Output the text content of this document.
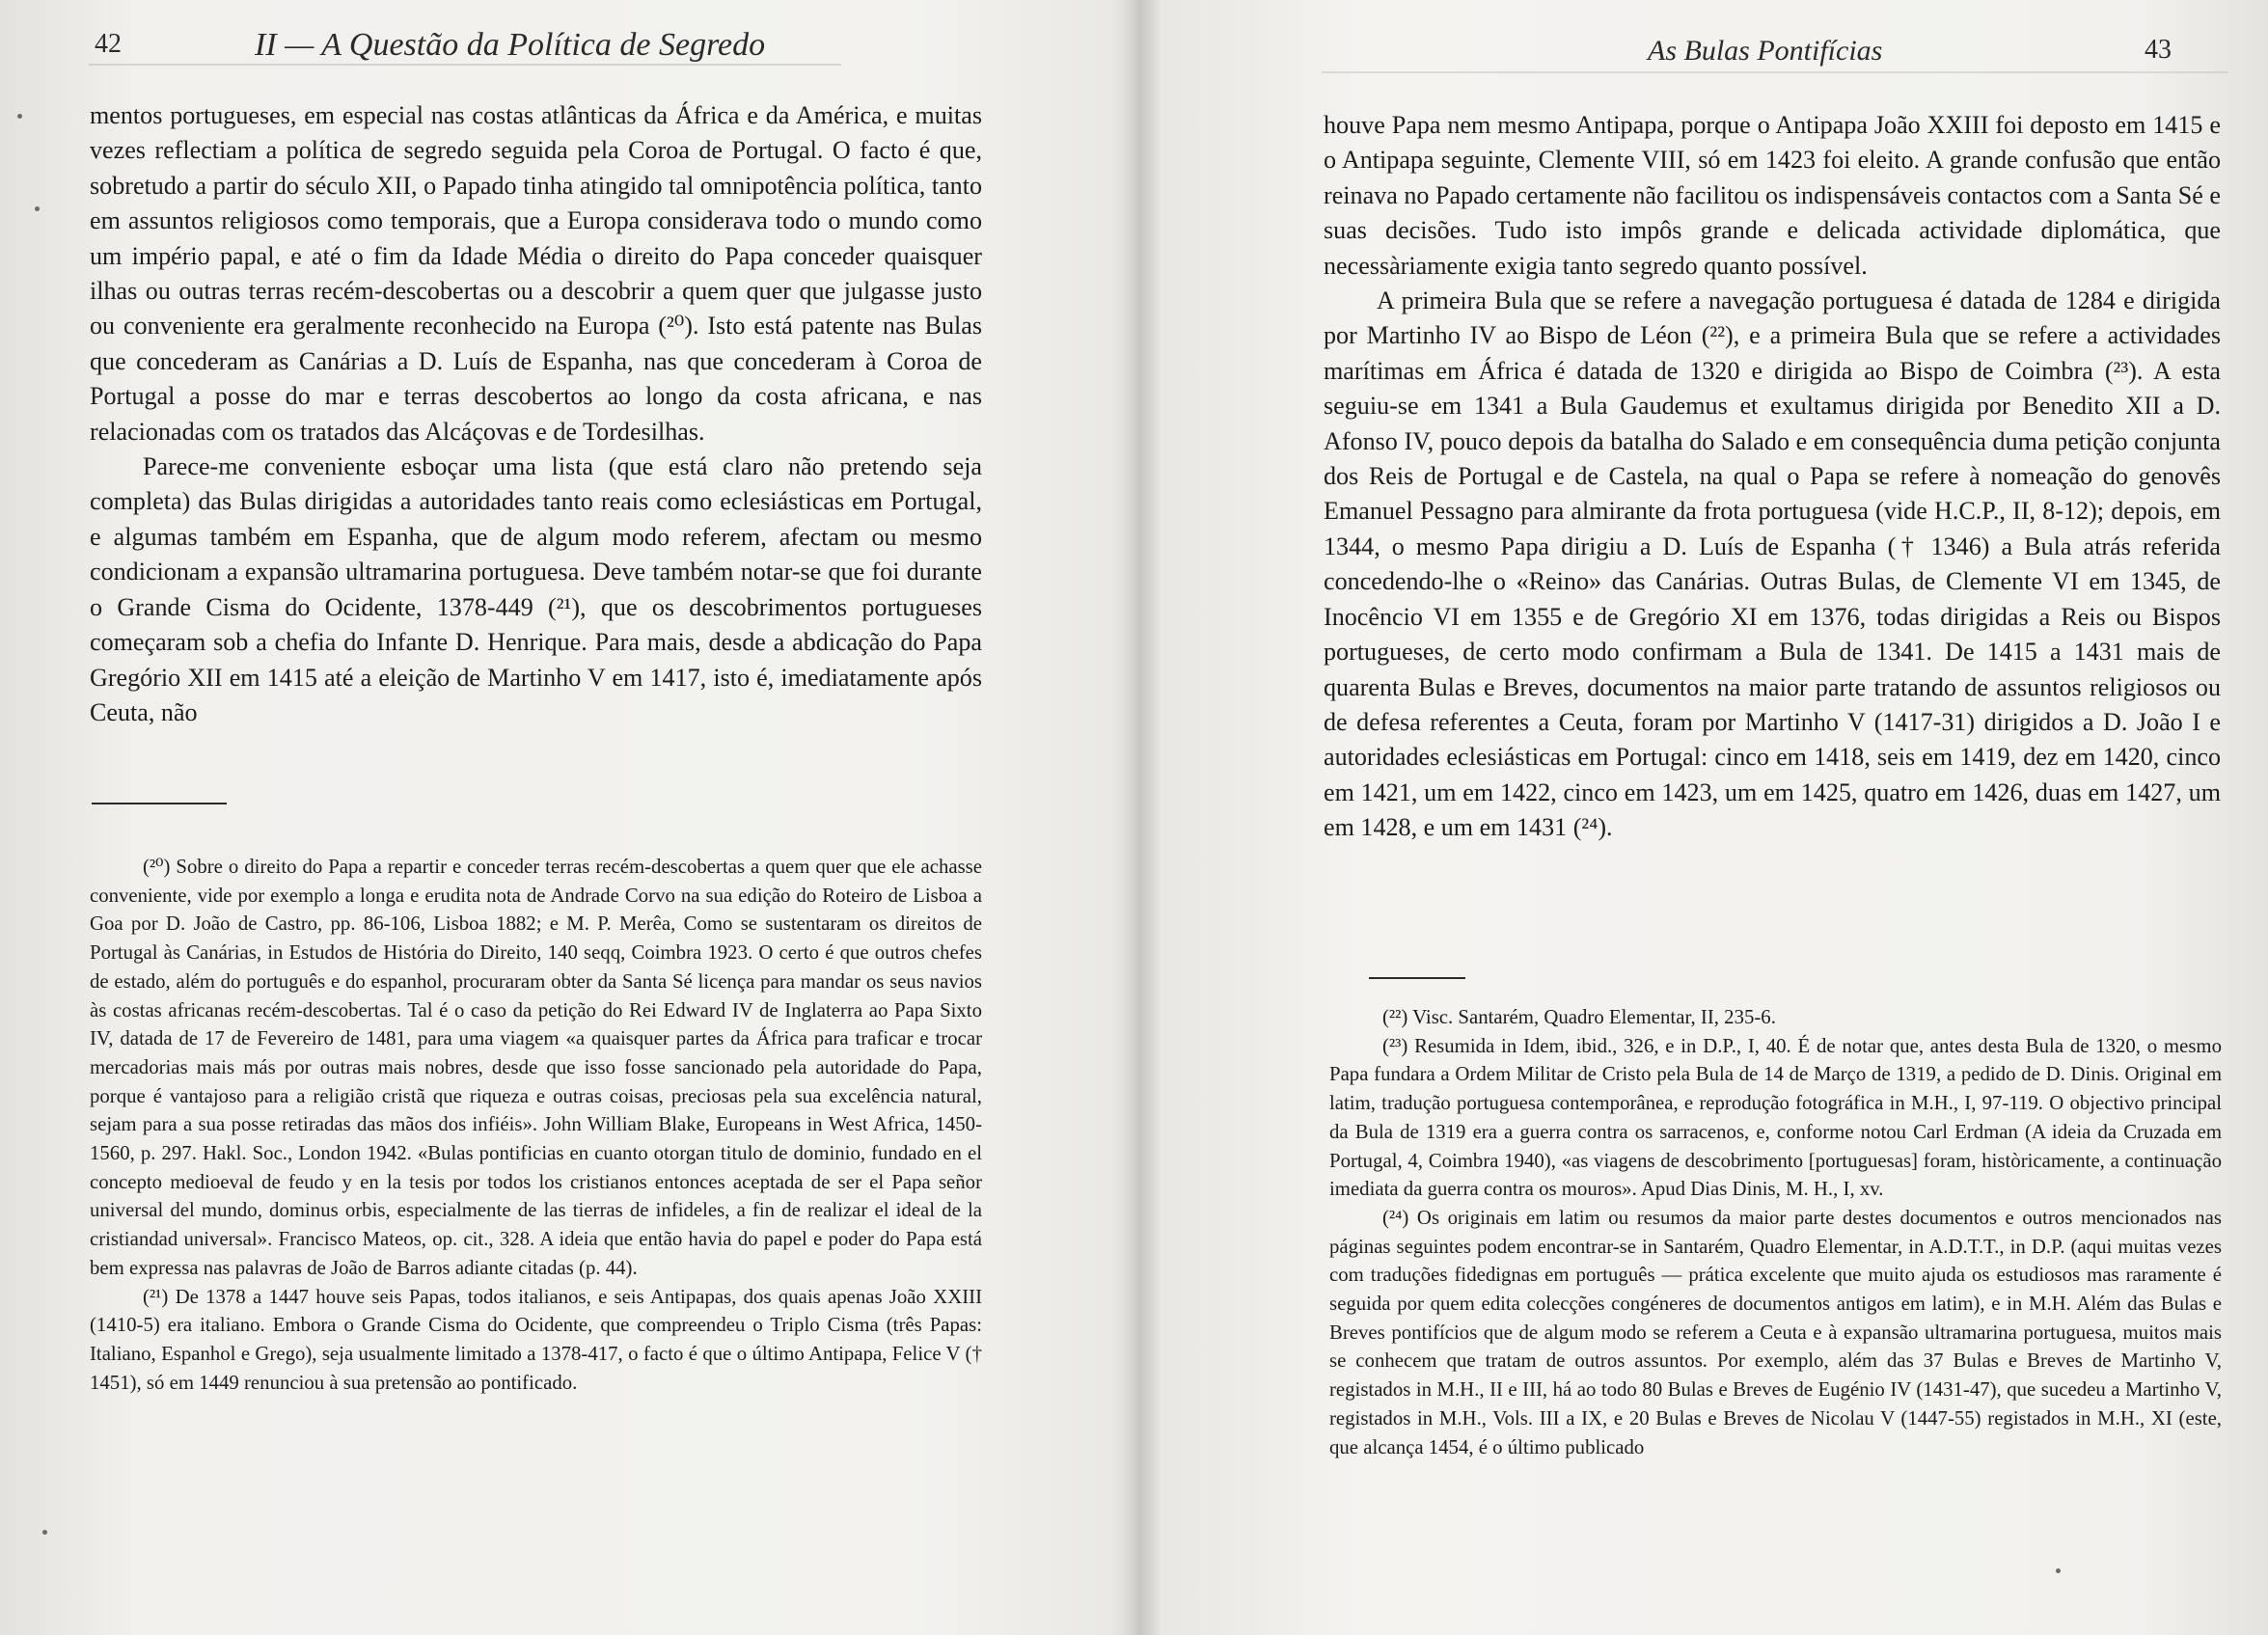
42	II — A Questão da Política de Segredo

mentos portugueses, em especial nas costas atlânticas da África e da América, e muitas vezes reflectiam a política de segredo seguida pela Coroa de Portugal. O facto é que, sobretudo a partir do século XII, o Papado tinha atingido tal omnipotência política, tanto em assuntos religiosos como temporais, que a Europa considerava todo o mundo como um império papal, e até o fim da Idade Média o direito do Papa conceder quaisquer ilhas ou outras terras recém-descobertas ou a descobrir a quem quer que julgasse justo ou conveniente era geralmente reconhecido na Europa (²⁰). Isto está patente nas Bulas que concederam as Canárias a D. Luís de Espanha, nas que concederam à Coroa de Portugal a posse do mar e terras descobertos ao longo da costa africana, e nas relacionadas com os tratados das Alcáçovas e de Tordesilhas.

Parece-me conveniente esboçar uma lista (que está claro não pretendo seja completa) das Bulas dirigidas a autoridades tanto reais como eclesiásticas em Portugal, e algumas também em Espanha, que de algum modo referem, afectam ou mesmo condicionam a expansão ultramarina portuguesa. Deve também notar-se que foi durante o Grande Cisma do Ocidente, 1378-449 (²¹), que os descobrimentos portugueses começaram sob a chefia do Infante D. Henrique. Para mais, desde a abdicação do Papa Gregório XII em 1415 até a eleição de Martinho V em 1417, isto é, imediatamente após Ceuta, não

(²⁰) Sobre o direito do Papa a repartir e conceder terras recém-descobertas a quem quer que ele achasse conveniente, vide por exemplo a longa e erudita nota de Andrade Corvo na sua edição do Roteiro de Lisboa a Goa por D. João de Castro, pp. 86-106, Lisboa 1882; e M. P. Merêa, Como se sustentaram os direitos de Portugal às Canárias, in Estudos de História do Direito, 140 seqq, Coimbra 1923. O certo é que outros chefes de estado, além do português e do espanhol, procuraram obter da Santa Sé licença para mandar os seus navios às costas africanas recém-descobertas. Tal é o caso da petição do Rei Edward IV de Inglaterra ao Papa Sixto IV, datada de 17 de Fevereiro de 1481, para uma viagem «a quaisquer partes da África para traficar e trocar mercadorias mais más por outras mais nobres, desde que isso fosse sancionado pela autoridade do Papa, porque é vantajoso para a religião cristã que riqueza e outras coisas, preciosas pela sua excelência natural, sejam para a sua posse retiradas das mãos dos infiéis». John William Blake, Europeans in West Africa, 1450-1560, p. 297. Hakl. Soc., London 1942. «Bulas pontificias en cuanto otorgan titulo de dominio, fundado en el concepto medioeval de feudo y en la tesis por todos los cristianos entonces aceptada de ser el Papa señor universal del mundo, dominus orbis, especialmente de las tierras de infideles, a fin de realizar el ideal de la cristiandad universal». Francisco Mateos, op. cit., 328. A ideia que então havia do papel e poder do Papa está bem expressa nas palavras de João de Barros adiante citadas (p. 44).

(²¹) De 1378 a 1447 houve seis Papas, todos italianos, e seis Antipapas, dos quais apenas João XXIII (1410-5) era italiano. Embora o Grande Cisma do Ocidente, que compreendeu o Triplo Cisma (três Papas: Italiano, Espanhol e Grego), seja usualmente limitado a 1378-417, o facto é que o último Antipapa, Felice V († 1451), só em 1449 renunciou à sua pretensão ao pontificado.

As Bulas Pontifícias	43

houve Papa nem mesmo Antipapa, porque o Antipapa João XXIII foi deposto em 1415 e o Antipapa seguinte, Clemente VIII, só em 1423 foi eleito. A grande confusão que então reinava no Papado certamente não facilitou os indispensáveis contactos com a Santa Sé e suas decisões. Tudo isto impôs grande e delicada actividade diplomática, que necessàriamente exigia tanto segredo quanto possível.

A primeira Bula que se refere a navegação portuguesa é datada de 1284 e dirigida por Martinho IV ao Bispo de Léon (²²), e a primeira Bula que se refere a actividades marítimas em África é datada de 1320 e dirigida ao Bispo de Coimbra (²³). A esta seguiu-se em 1341 a Bula Gaudemus et exultamus dirigida por Benedito XII a D. Afonso IV, pouco depois da batalha do Salado e em consequência duma petição conjunta dos Reis de Portugal e de Castela, na qual o Papa se refere à nomeação do genovês Emanuel Pessagno para almirante da frota portuguesa (vide H.C.P., II, 8-12); depois, em 1344, o mesmo Papa dirigiu a D. Luís de Espanha († 1346) a Bula atrás referida concedendo-lhe o «Reino» das Canárias. Outras Bulas, de Clemente VI em 1345, de Inocêncio VI em 1355 e de Gregório XI em 1376, todas dirigidas a Reis ou Bispos portugueses, de certo modo confirmam a Bula de 1341. De 1415 a 1431 mais de quarenta Bulas e Breves, documentos na maior parte tratando de assuntos religiosos ou de defesa referentes a Ceuta, foram por Martinho V (1417-31) dirigidos a D. João I e autoridades eclesiásticas em Portugal: cinco em 1418, seis em 1419, dez em 1420, cinco em 1421, um em 1422, cinco em 1423, um em 1425, quatro em 1426, duas em 1427, um em 1428, e um em 1431 (²⁴).

(²²) Visc. Santarém, Quadro Elementar, II, 235-6.

(²³) Resumida in Idem, ibid., 326, e in D.P., I, 40. É de notar que, antes desta Bula de 1320, o mesmo Papa fundara a Ordem Militar de Cristo pela Bula de 14 de Março de 1319, a pedido de D. Dinis. Original em latim, tradução portuguesa contemporânea, e reprodução fotográfica in M.H., I, 97-119. O objectivo principal da Bula de 1319 era a guerra contra os sarracenos, e, conforme notou Carl Erdman (A ideia da Cruzada em Portugal, 4, Coimbra 1940), «as viagens de descobrimento [portuguesas] foram, històricamente, a continuação imediata da guerra contra os mouros». Apud Dias Dinis, M. H., I, xv.

(²⁴) Os originais em latim ou resumos da maior parte destes documentos e outros mencionados nas páginas seguintes podem encontrar-se in Santarém, Quadro Elementar, in A.D.T.T., in D.P. (aqui muitas vezes com traduções fidedignas em português — prática excelente que muito ajuda os estudiosos mas raramente é seguida por quem edita colecções congéneres de documentos antigos em latim), e in M.H. Além das Bulas e Breves pontifícios que de algum modo se referem a Ceuta e à expansão ultramarina portuguesa, muitos mais se conhecem que tratam de outros assuntos. Por exemplo, além das 37 Bulas e Breves de Martinho V, registados in M.H., II e III, há ao todo 80 Bulas e Breves de Eugénio IV (1431-47), que sucedeu a Martinho V, registados in M.H., Vols. III a IX, e 20 Bulas e Breves de Nicolau V (1447-55) registados in M.H., XI (este, que alcança 1454, é o último publicado
